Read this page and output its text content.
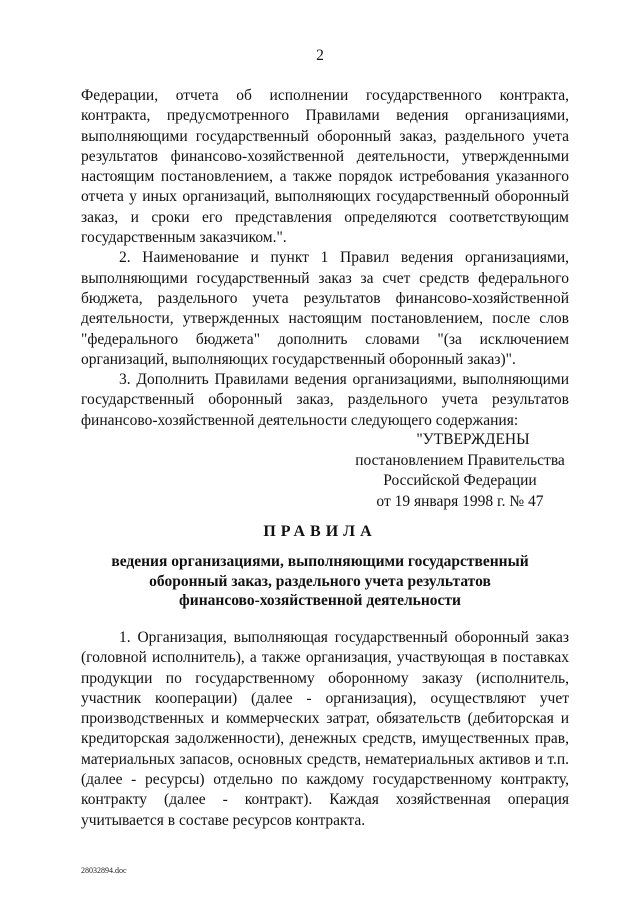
2

Федерации, отчета об исполнении государственного контракта, контракта, предусмотренного Правилами ведения организациями, выполняющими государственный оборонный заказ, раздельного учета результатов финансово-хозяйственной деятельности, утвержденными настоящим постановлением, а также порядок истребования указанного отчета у иных организаций, выполняющих государственный оборонный заказ, и сроки его представления определяются соответствующим государственным заказчиком.".

2. Наименование и пункт 1 Правил ведения организациями, выполняющими государственный заказ за счет средств федерального бюджета, раздельного учета результатов финансово-хозяйственной деятельности, утвержденных настоящим постановлением, после слов "федерального бюджета" дополнить словами "(за исключением организаций, выполняющих государственный оборонный заказ)".

3. Дополнить Правилами ведения организациями, выполняющими государственный оборонный заказ, раздельного учета результатов финансово-хозяйственной деятельности следующего содержания:

"УТВЕРЖДЕНЫ
постановлением Правительства
Российской Федерации
от 19 января 1998 г. № 47
ПРАВИЛА
ведения организациями, выполняющими государственный
оборонный заказ, раздельного учета результатов
финансово-хозяйственной деятельности

1. Организация, выполняющая государственный оборонный заказ (головной исполнитель), а также организация, участвующая в поставках продукции по государственному оборонному заказу (исполнитель, участник кооперации) (далее - организация), осуществляют учет производственных и коммерческих затрат, обязательств (дебиторская и кредиторская задолженности), денежных средств, имущественных прав, материальных запасов, основных средств, нематериальных активов и т.п. (далее - ресурсы) отдельно по каждому государственному контракту, контракту (далее - контракт). Каждая хозяйственная операция учитывается в составе ресурсов контракта.

28032894.doc
